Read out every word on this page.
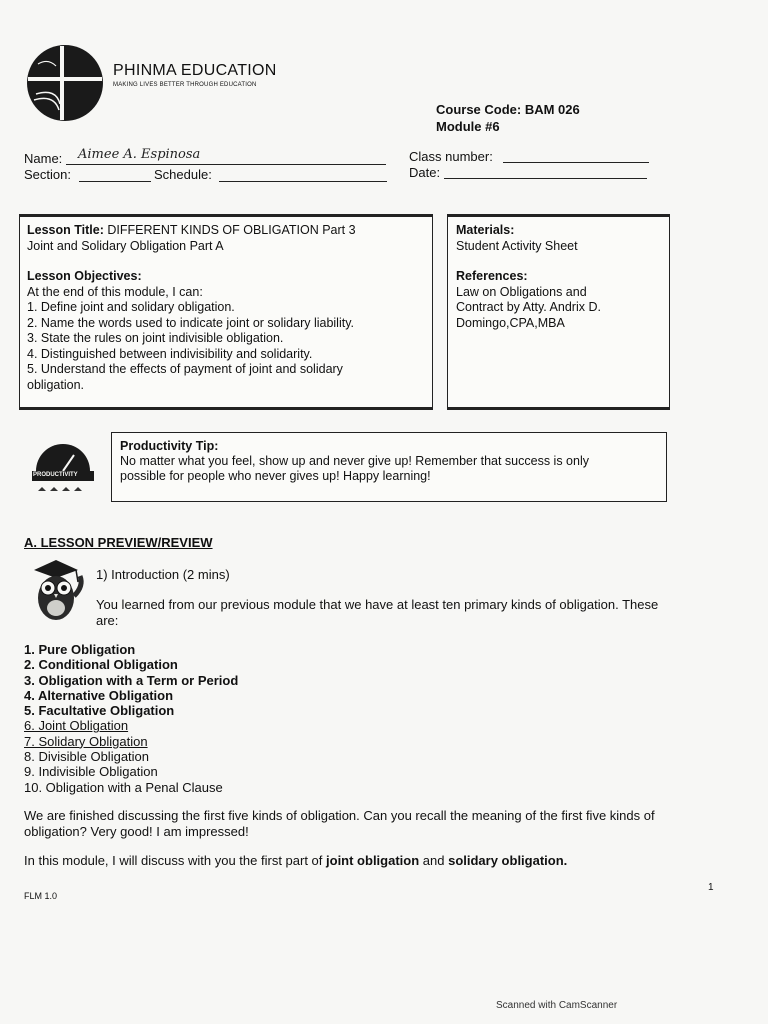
PHINMA EDUCATION
MAKING LIVES BETTER THROUGH EDUCATION
Course Code: BAM 026
Module #6
Name: Aimee A. Espinosa
Section:	Schedule:
Class number:
Date:
Lesson Title: DIFFERENT KINDS OF OBLIGATION Part 3
Joint and Solidary Obligation Part A
Lesson Objectives:
At the end of this module, I can:
1. Define joint and solidary obligation.
2. Name the words used to indicate joint or solidary liability.
3. State the rules on joint indivisible obligation.
4. Distinguished between indivisibility and solidarity.
5. Understand the effects of payment of joint and solidary
obligation.
Materials:
Student Activity Sheet
References:
Law on Obligations and
Contract by Atty. Andrix D.
Domingo,CPA,MBA
PRODUCTIVITY
Productivity Tip:
No matter what you feel, show up and never give up! Remember that success is only
possible for people who never gives up! Happy learning!
A. LESSON PREVIEW/REVIEW
1) Introduction (2 mins)
You learned from our previous module that we have at least ten primary kinds of obligation. These
are:
1. Pure Obligation
2. Conditional Obligation
3. Obligation with a Term or Period
4. Alternative Obligation
5. Facultative Obligation
6. Joint Obligation
7. Solidary Obligation
8. Divisible Obligation
9. Indivisible Obligation
10. Obligation with a Penal Clause
We are finished discussing the first five kinds of obligation. Can you recall the meaning of the first five kinds of
obligation? Very good! I am impressed!
In this module, I will discuss with you the first part of joint obligation and solidary obligation.
FLM 1.0
1
Scanned with CamScanner
